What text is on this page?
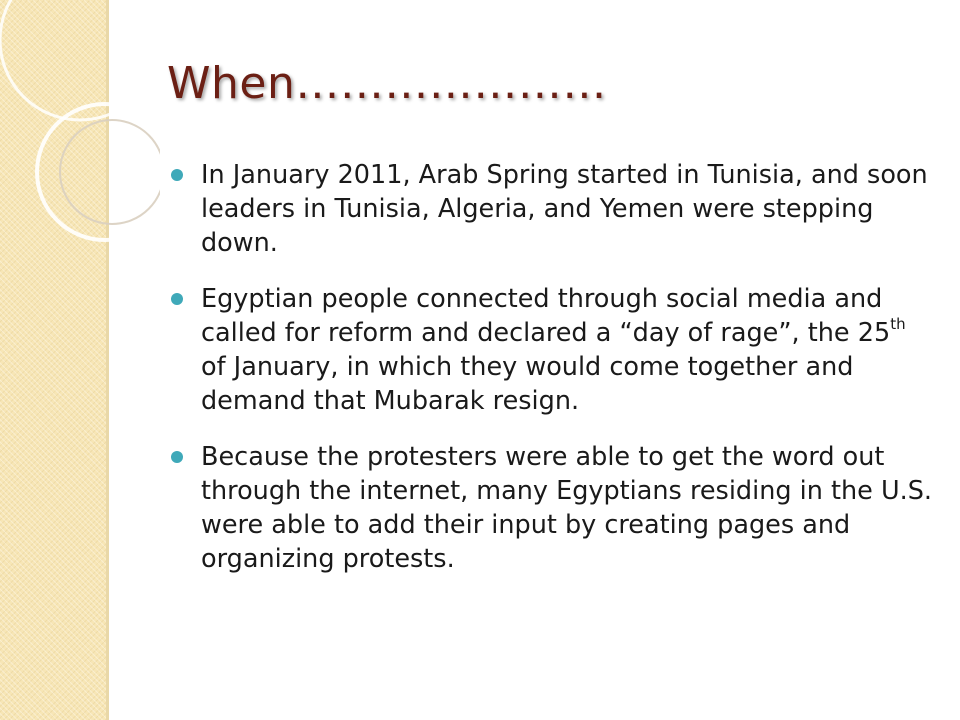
When…………………
In January 2011, Arab Spring started in Tunisia, and soon leaders in Tunisia, Algeria, and Yemen were stepping down.
Egyptian people connected through social media and called for reform and declared a “day of rage”, the 25th of January, in which they would come together and demand that Mubarak resign.
Because the protesters were able to get the word out through the internet, many Egyptians residing in the U.S. were able to add their input by creating pages and organizing protests.
